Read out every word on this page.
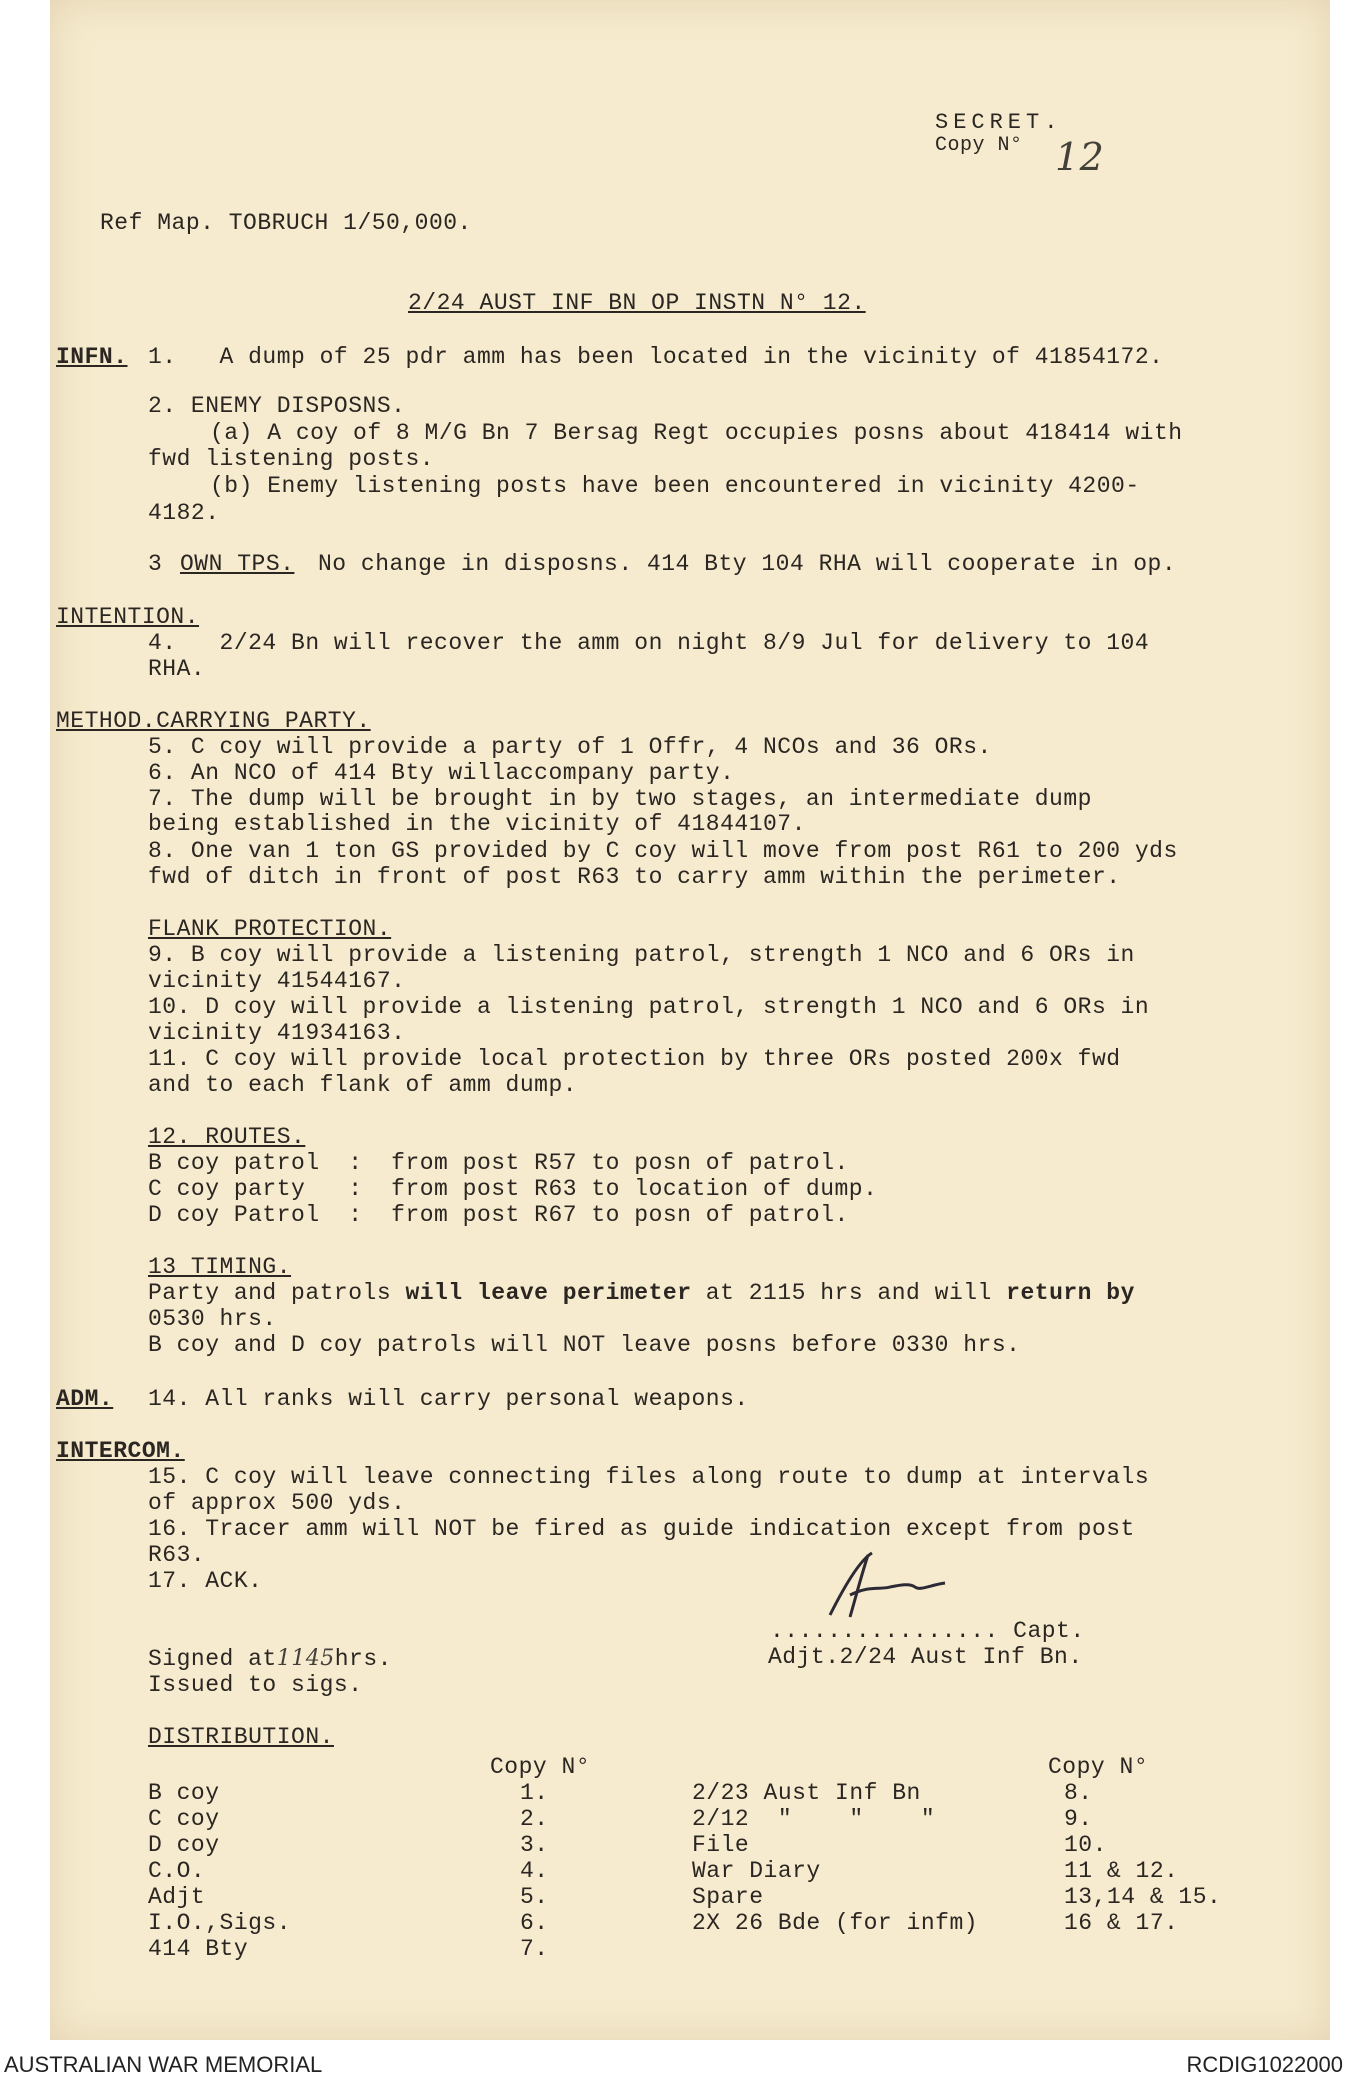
SECRET.
Copy N° 12
Ref Map. TOBRUCH 1/50,000.
2/24 AUST INF BN OP INSTN N° 12.
INFN. 1.   A dump of 25 pdr amm has been located in the vicinity of 41854172.
2. ENEMY DISPOSNS.
(a) A coy of 8 M/G Bn 7 Bersag Regt occupies posns about 418414 with
fwd listening posts.
(b) Enemy listening posts have been encountered in vicinity 4200-
4182.
3 OWN TPS. No change in disposns. 414 Bty 104 RHA will cooperate in op.
INTENTION.
4.   2/24 Bn will recover the amm on night 8/9 Jul for delivery to 104
RHA.
METHOD.CARRYING PARTY.
5. C coy will provide a party of 1 Offr, 4 NCOs and 36 ORs.
6. An NCO of 414 Bty willaccompany party.
7. The dump will be brought in by two stages, an intermediate dump
being established in the vicinity of 41844107.
8. One van 1 ton GS provided by C coy will move from post R61 to 200 yds
fwd of ditch in front of post R63 to carry amm within the perimeter.
FLANK PROTECTION.
9. B coy will provide a listening patrol, strength 1 NCO and 6 ORs in
vicinity 41544167.
10. D coy will provide a listening patrol, strength 1 NCO and 6 ORs in
vicinity 41934163.
11. C coy will provide local protection by three ORs posted 200x fwd
and to each flank of amm dump.
12. ROUTES.
B coy patrol  :  from post R57 to posn of patrol.
C coy party   :  from post R63 to location of dump.
D coy Patrol  :  from post R67 to posn of patrol.
13 TIMING.
Party and patrols will leave perimeter at 2115 hrs and will return by
0530 hrs.
B coy and D coy patrols will NOT leave posns before 0330 hrs.
ADM. 14. All ranks will carry personal weapons.
INTERCOM.
15. C coy will leave connecting files along route to dump at intervals
of approx 500 yds.
16. Tracer amm will NOT be fired as guide indication except from post
R63.
17. ACK.
................ Capt.
Adjt.2/24 Aust Inf Bn.
Signed at1145hrs.
Issued to sigs.
DISTRIBUTION.
Copy N°	Copy N°
B coy	1.
C coy	2.
D coy	3.
C.O.	4.
Adjt	5.
I.O.,Sigs.	6.
414 Bty	7.
2/23 Aust Inf Bn	8.
2/12  "    "    "	9.
File	10.
War Diary	11 & 12.
Spare	13,14 & 15.
2X 26 Bde (for infm)	16 & 17.
AUSTRALIAN WAR MEMORIAL	RCDIG1022000
